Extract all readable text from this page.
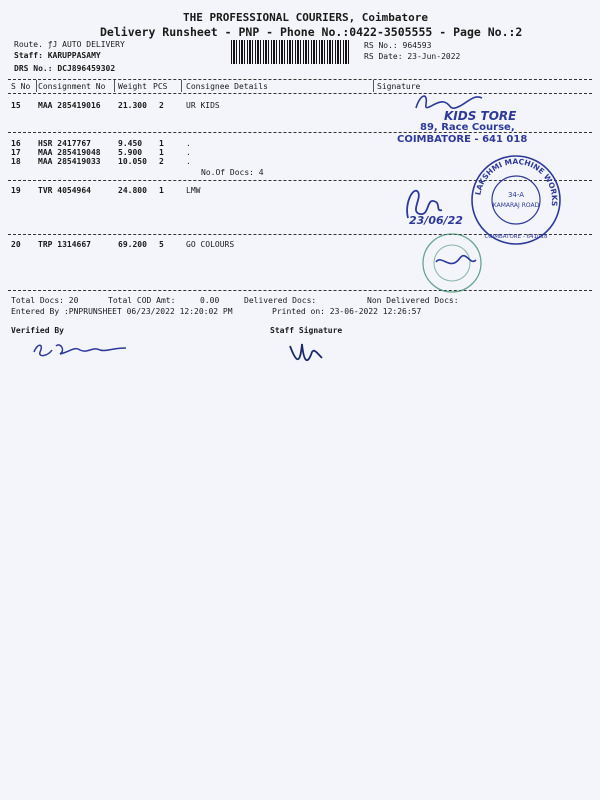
THE PROFESSIONAL COURIERS, Coimbatore
Delivery Runsheet - PNP - Phone No.:0422-3505555 - Page No.:2
Route. ƒJ AUTO DELIVERY
Staff: KARUPPASAMY
DRS No.: DCJ896459302
RS No.: 964593
RS Date: 23-Jun-2022
S No Consignment No Weight PCS Consignee Details	Signature
15 MAA 285419016 21.300 2	UR KIDS
16 HSR 2417767	9.450 1	.
17 MAA 285419048 5.900 1	.
18 MAA 285419033 10.050 2	.
No.Of Docs: 4
19 TVR 4054964	24.800 1	LMW
20 TRP 1314667	69.200 5	GO COLOURS
Total Docs: 20	Total COD Amt:	0.00	Delivered Docs:	Non Delivered Docs:
Entered By :PNPRUNSHEET 06/23/2022 12:20:02 PM	Printed on: 23-06-2022 12:26:57
Verified By	Staff Signature
KIDS TORE
89, Race Course,
COIMBATORE - 641 018
23/06/22
LAKSHMI MACHINE WORKS
34-A
KAMARAJ ROAD
COIMBATORE - 641018
